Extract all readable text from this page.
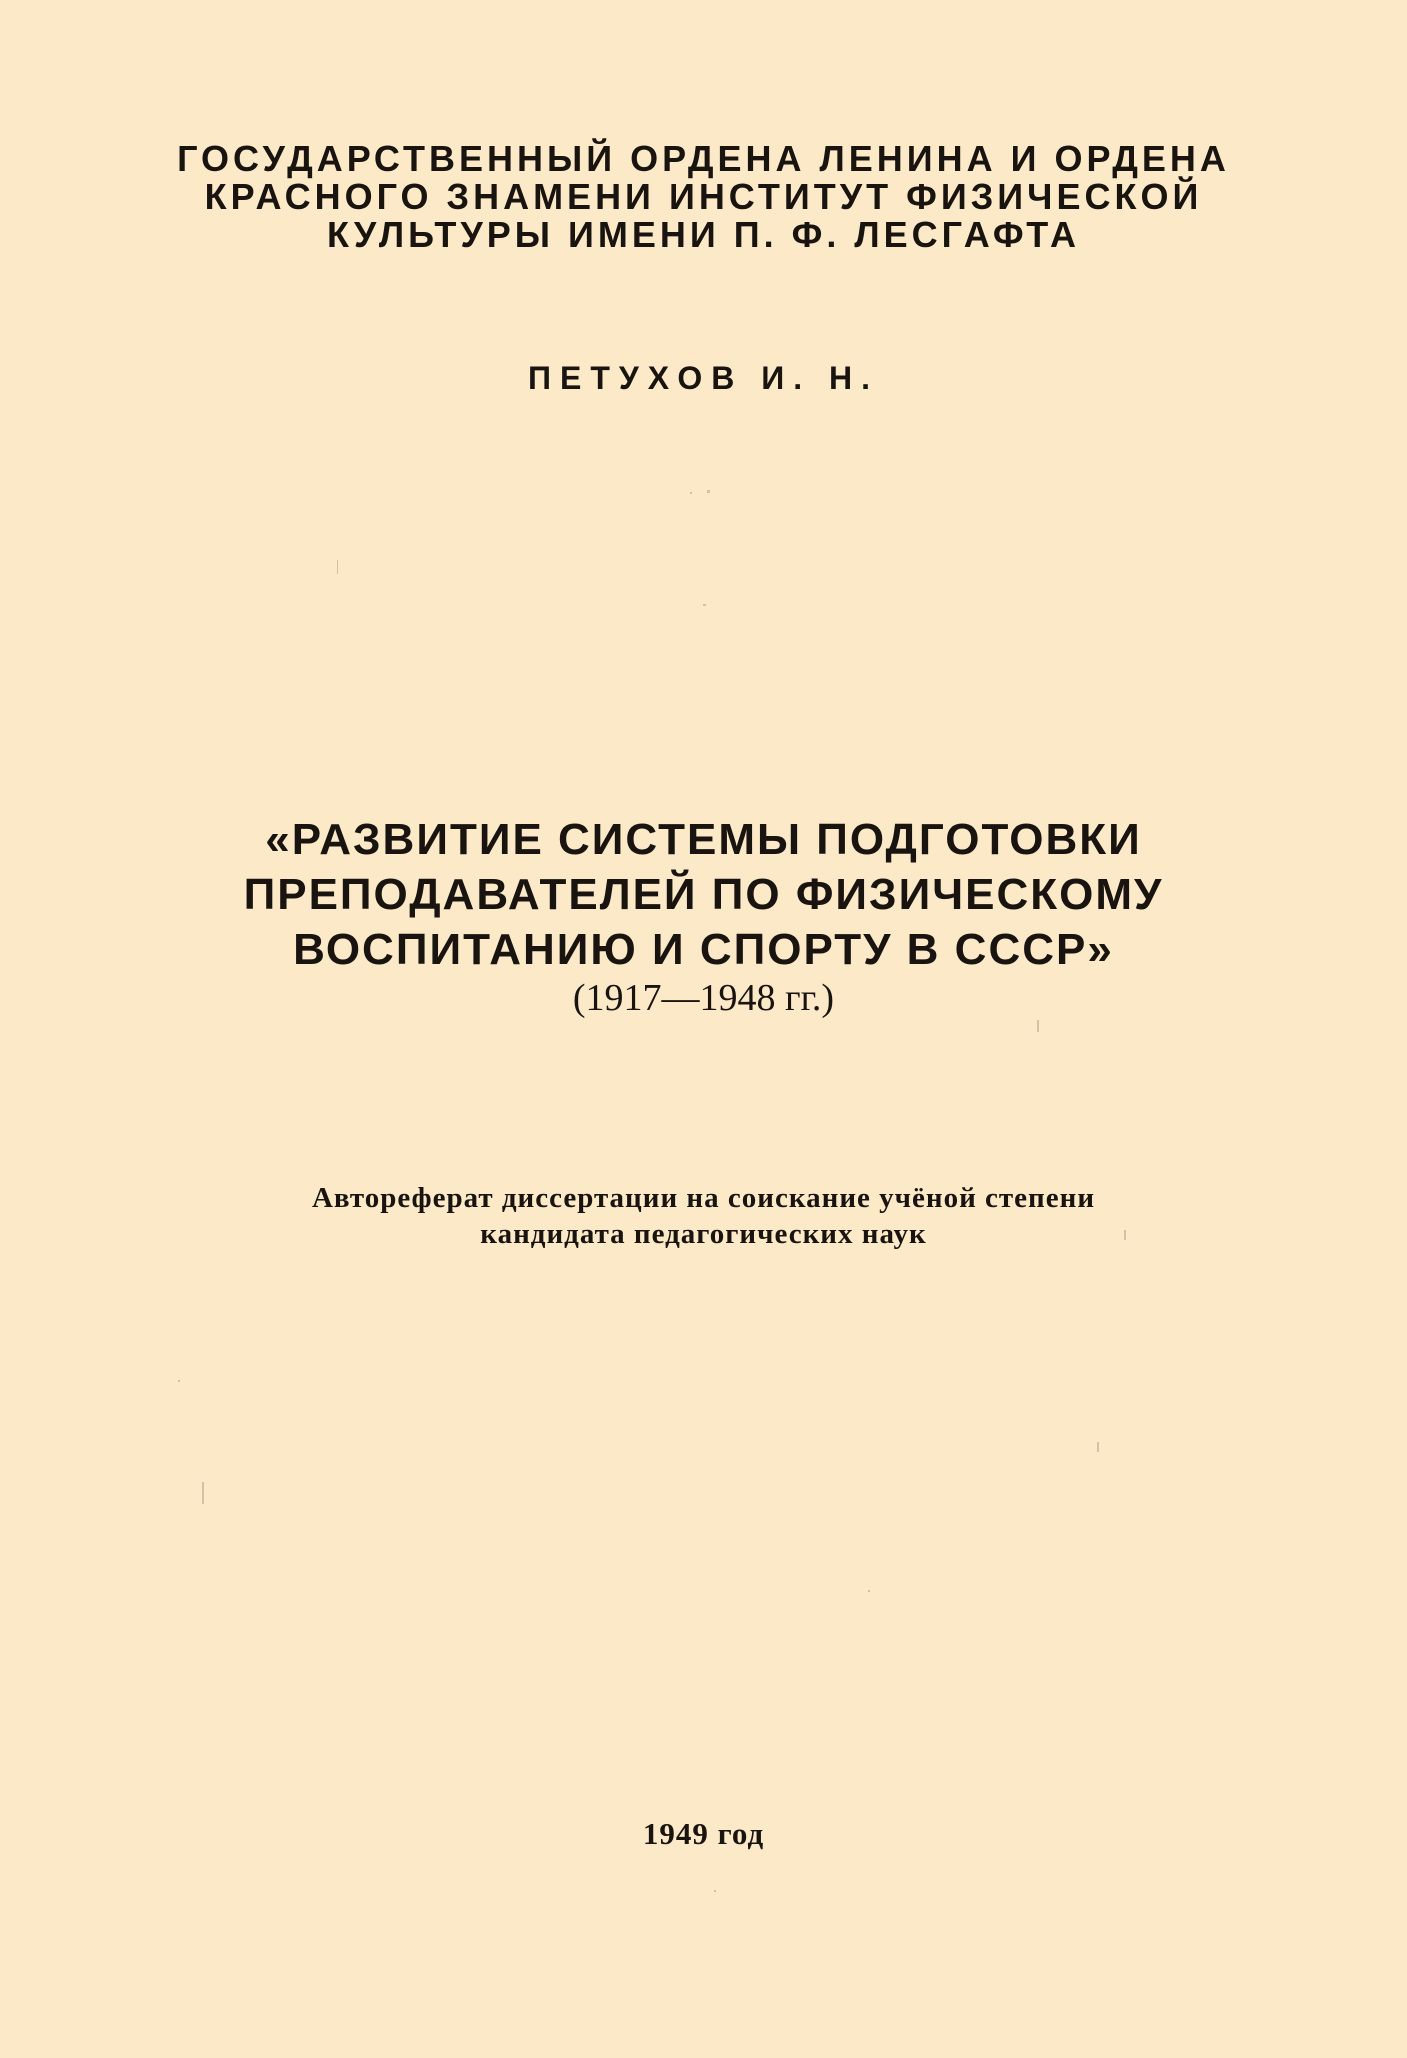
ГОСУДАРСТВЕННЫЙ ОРДЕНА ЛЕНИНА И ОРДЕНА
КРАСНОГО ЗНАМЕНИ ИНСТИТУТ ФИЗИЧЕСКОЙ
КУЛЬТУРЫ ИМЕНИ П. Ф. ЛЕСГАФТА
ПЕТУХОВ И. Н.
«РАЗВИТИЕ СИСТЕМЫ ПОДГОТОВКИ
ПРЕПОДАВАТЕЛЕЙ ПО ФИЗИЧЕСКОМУ
ВОСПИТАНИЮ И СПОРТУ В СССР»
(1917—1948 гг.)
Автореферат диссертации на соискание учёной степени
кандидата педагогических наук
1949 год
